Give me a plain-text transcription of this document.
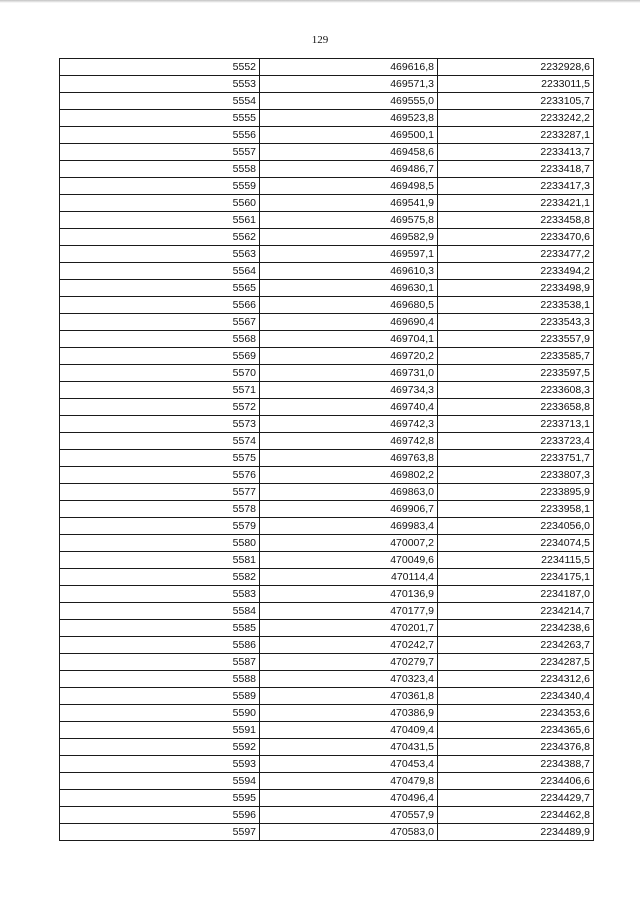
129
5552	469616,8	2232928,6
5553	469571,3	2233011,5
5554	469555,0	2233105,7
5555	469523,8	2233242,2
5556	469500,1	2233287,1
5557	469458,6	2233413,7
5558	469486,7	2233418,7
5559	469498,5	2233417,3
5560	469541,9	2233421,1
5561	469575,8	2233458,8
5562	469582,9	2233470,6
5563	469597,1	2233477,2
5564	469610,3	2233494,2
5565	469630,1	2233498,9
5566	469680,5	2233538,1
5567	469690,4	2233543,3
5568	469704,1	2233557,9
5569	469720,2	2233585,7
5570	469731,0	2233597,5
5571	469734,3	2233608,3
5572	469740,4	2233658,8
5573	469742,3	2233713,1
5574	469742,8	2233723,4
5575	469763,8	2233751,7
5576	469802,2	2233807,3
5577	469863,0	2233895,9
5578	469906,7	2233958,1
5579	469983,4	2234056,0
5580	470007,2	2234074,5
5581	470049,6	2234115,5
5582	470114,4	2234175,1
5583	470136,9	2234187,0
5584	470177,9	2234214,7
5585	470201,7	2234238,6
5586	470242,7	2234263,7
5587	470279,7	2234287,5
5588	470323,4	2234312,6
5589	470361,8	2234340,4
5590	470386,9	2234353,6
5591	470409,4	2234365,6
5592	470431,5	2234376,8
5593	470453,4	2234388,7
5594	470479,8	2234406,6
5595	470496,4	2234429,7
5596	470557,9	2234462,8
5597	470583,0	2234489,9
